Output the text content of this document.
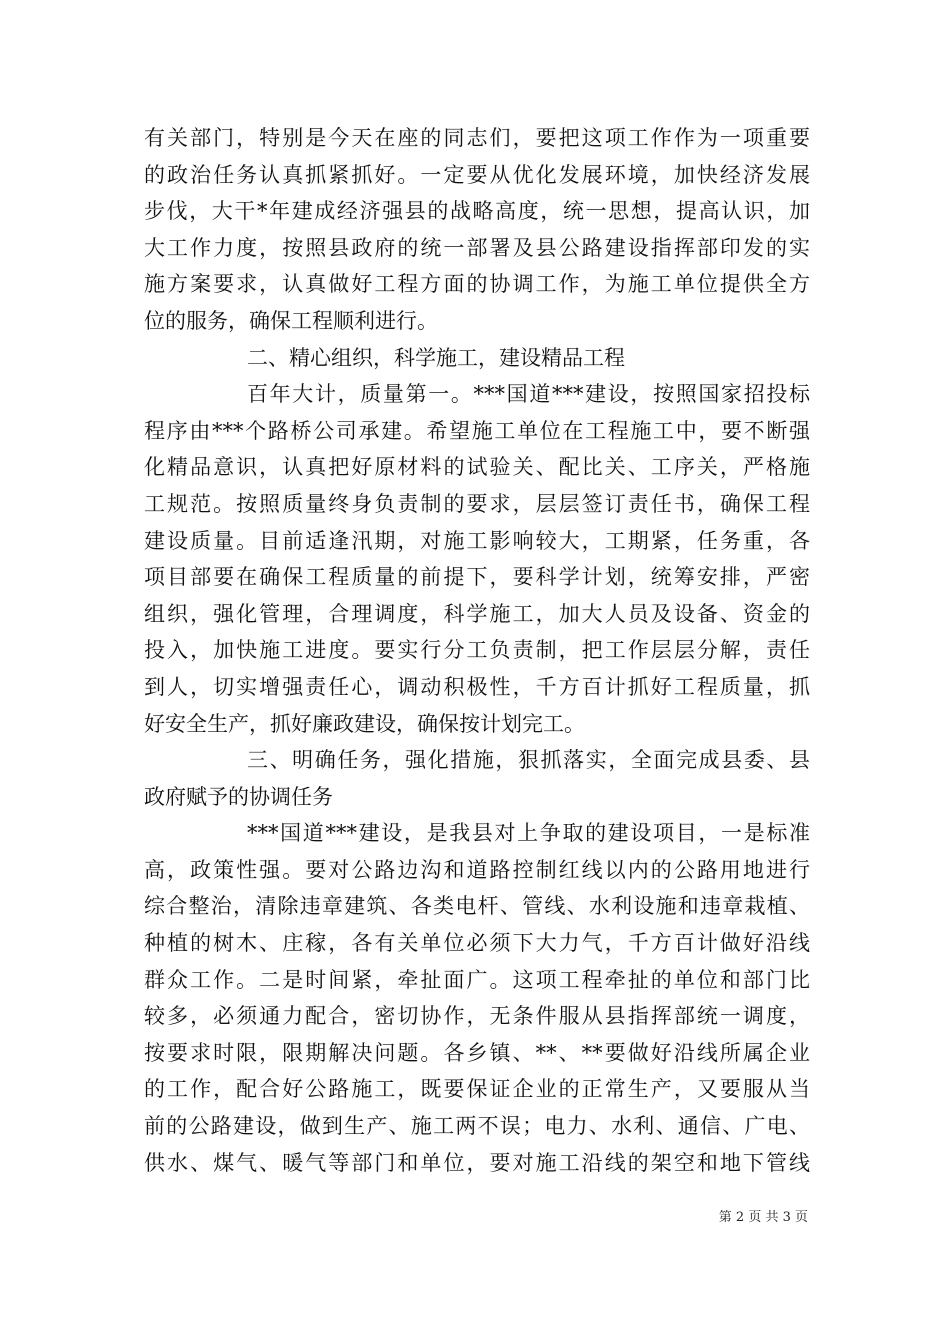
有关部门，特别是今天在座的同志们，要把这项工作作为一项重要
的政治任务认真抓紧抓好。一定要从优化发展环境，加快经济发展
步伐，大干*年建成经济强县的战略高度，统一思想，提高认识，加
大工作力度，按照县政府的统一部署及县公路建设指挥部印发的实
施方案要求，认真做好工程方面的协调工作，为施工单位提供全方
位的服务，确保工程顺利进行。
二、精心组织，科学施工，建设精品工程
百年大计，质量第一。***国道***建设，按照国家招投标
程序由***个路桥公司承建。希望施工单位在工程施工中，要不断强
化精品意识，认真把好原材料的试验关、配比关、工序关，严格施
工规范。按照质量终身负责制的要求，层层签订责任书，确保工程
建设质量。目前适逢汛期，对施工影响较大，工期紧，任务重，各
项目部要在确保工程质量的前提下，要科学计划，统筹安排，严密
组织，强化管理，合理调度，科学施工，加大人员及设备、资金的
投入，加快施工进度。要实行分工负责制，把工作层层分解，责任
到人，切实增强责任心，调动积极性，千方百计抓好工程质量，抓
好安全生产，抓好廉政建设，确保按计划完工。
三、明确任务，强化措施，狠抓落实，全面完成县委、县
政府赋予的协调任务
***国道***建设，是我县对上争取的建设项目，一是标准
高，政策性强。要对公路边沟和道路控制红线以内的公路用地进行
综合整治，清除违章建筑、各类电杆、管线、水利设施和违章栽植、
种植的树木、庄稼，各有关单位必须下大力气，千方百计做好沿线
群众工作。二是时间紧，牵扯面广。这项工程牵扯的单位和部门比
较多，必须通力配合，密切协作，无条件服从县指挥部统一调度，
按要求时限，限期解决问题。各乡镇、**、**要做好沿线所属企业
的工作，配合好公路施工，既要保证企业的正常生产，又要服从当
前的公路建设，做到生产、施工两不误；电力、水利、通信、广电、
供水、煤气、暖气等部门和单位，要对施工沿线的架空和地下管线
第 2 页 共 3 页
